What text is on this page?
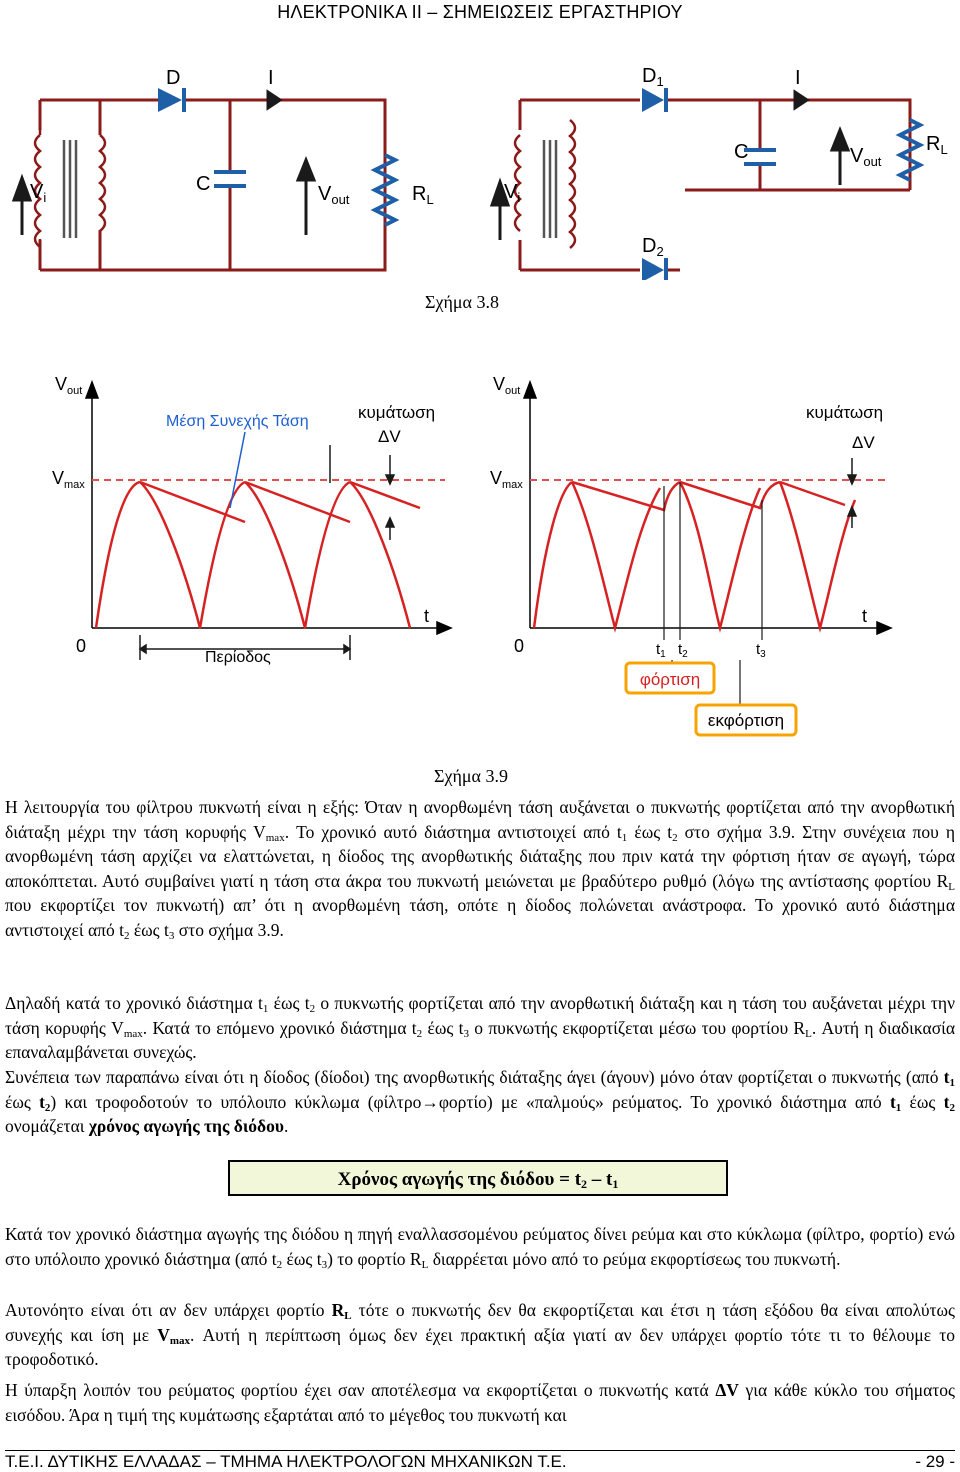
ΗΛΕΚΤΡΟΝΙΚΑ ΙΙ – ΣΗΜΕΙΩΣΕΙΣ ΕΡΓΑΣΤΗΡΙΟΥ
D	I
C
$V_i$	$V_{out}$	$R_L$
$D_1$
$D_2$
I
C
$V_i$
$V_{out}$
$R_L$
Σχήμα 3.8
$V_{out}$
$V_{max}$
Μέση Συνεχής Τάση	κυμάτωση
ΔV
0
t
Περίοδος
$V_{out}$
$V_{max}$
κυμάτωση
ΔV
0
t
$t_1$ $t_2$	$t_3$
φόρτιση
εκφόρτιση
Σχήμα 3.9
Η λειτουργία του φίλτρου πυκνωτή είναι η εξής: Όταν η ανορθωμένη τάση αυξάνεται ο πυκνωτής φορτίζεται από την ανορθωτική διάταξη μέχρι την τάση κορυφής $V_{max}$. Το χρονικό αυτό διάστημα αντιστοιχεί από $t_1$ έως $t_2$ στο σχήμα 3.9. Στην συνέχεια που η ανορθωμένη τάση αρχίζει να ελαττώνεται, η δίοδος της ανορθωτικής διάταξης που πριν κατά την φόρτιση ήταν σε αγωγή, τώρα αποκόπτεται. Αυτό συμβαίνει γιατί η τάση στα άκρα του πυκνωτή μειώνεται με βραδύτερο ρυθμό (λόγω της αντίστασης φορτίου $R_L$ που εκφορτίζει τον πυκνωτή) απ’ ότι η ανορθωμένη τάση, οπότε η δίοδος πολώνεται ανάστροφα. Το χρονικό αυτό διάστημα αντιστοιχεί από $t_2$ έως $t_3$ στο σχήμα 3.9.
Δηλαδή κατά το χρονικό διάστημα $t_1$ έως $t_2$ ο πυκνωτής φορτίζεται από την ανορθωτική διάταξη και η τάση του αυξάνεται μέχρι την τάση κορυφής $V_{max}$. Κατά το επόμενο χρονικό διάστημα $t_2$ έως $t_3$ ο πυκνωτής εκφορτίζεται μέσω του φορτίου $R_L$. Αυτή η διαδικασία επαναλαμβάνεται συνεχώς.
Συνέπεια των παραπάνω είναι ότι η δίοδος (δίοδοι) της ανορθωτικής διάταξης άγει (άγουν) μόνο όταν φορτίζεται ο πυκνωτής (από $t_1$ έως $t_2$) και τροφοδοτούν το υπόλοιπο κύκλωμα (φίλτρο→φορτίο) με «παλμούς» ρεύματος. Το χρονικό διάστημα από $t_1$ έως $t_2$ ονομάζεται χρόνος αγωγής της διόδου.
Χρόνος αγωγής της $\delta\iota ό\delta o\upsilon = t_2 - t_1$
Κατά τον χρονικό διάστημα αγωγής της διόδου η πηγή εναλλασσομένου ρεύματος δίνει ρεύμα και στο κύκλωμα (φίλτρο, φορτίο) ενώ στο υπόλοιπο χρονικό διάστημα (από $t_2$ έως $t_3$) το φορτίο $R_L$ διαρρέεται μόνο από το ρεύμα εκφορτίσεως του πυκνωτή.
Αυτονόητο είναι ότι αν δεν υπάρχει φορτίο $R_L$ τότε ο πυκνωτής δεν θα εκφορτίζεται και έτσι η τάση εξόδου θα είναι απολύτως συνεχής και ίση με $V_{max}$. Αυτή η περίπτωση όμως δεν έχει πρακτική αξία γιατί αν δεν υπάρχει φορτίο τότε τι το θέλουμε το τροφοδοτικό.
Η ύπαρξη λοιπόν του ρεύματος φορτίου έχει σαν αποτέλεσμα να εκφορτίζεται ο πυκνωτής κατά ΔV για κάθε κύκλο του σήματος εισόδου. Άρα η τιμή της κυμάτωσης εξαρτάται από το μέγεθος του πυκνωτή και
Τ.Ε.Ι. ΔΥΤΙΚΗΣ ΕΛΛΑΔΑΣ – ΤΜΗΜΑ ΗΛΕΚΤΡΟΛΟΓΩΝ ΜΗΧΑΝΙΚΩΝ Τ.Ε.	- 29 -
